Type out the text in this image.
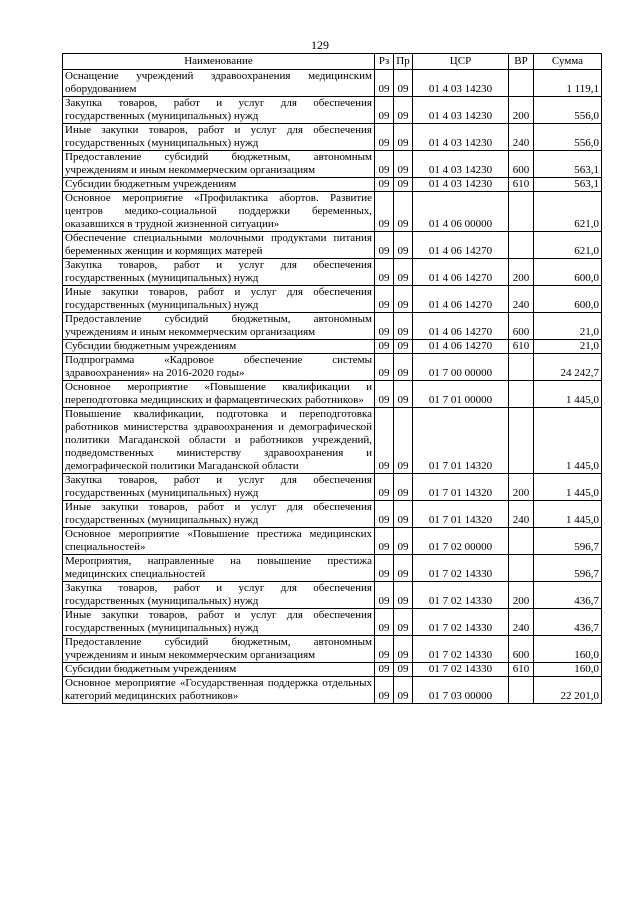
129
Наименование	Рз	Пр	ЦСР	ВР	Сумма
Оснащение учреждений здравоохранения медицинским оборудованием	09	09	01 4 03 14230		1 119,1
Закупка товаров, работ и услуг для обеспечения государственных (муниципальных) нужд	09	09	01 4 03 14230	200	556,0
Иные закупки товаров, работ и услуг для обеспечения государственных (муниципальных) нужд	09	09	01 4 03 14230	240	556,0
Предоставление субсидий бюджетным, автономным учреждениям и иным некоммерческим организациям	09	09	01 4 03 14230	600	563,1
Субсидии бюджетным учреждениям	09	09	01 4 03 14230	610	563,1
Основное мероприятие «Профилактика абортов. Развитие центров медико-социальной поддержки беременных, оказавшихся в трудной жизненной ситуации»	09	09	01 4 06 00000		621,0
Обеспечение специальными молочными продуктами питания беременных женщин и кормящих матерей	09	09	01 4 06 14270		621,0
Закупка товаров, работ и услуг для обеспечения государственных (муниципальных) нужд	09	09	01 4 06 14270	200	600,0
Иные закупки товаров, работ и услуг для обеспечения государственных (муниципальных) нужд	09	09	01 4 06 14270	240	600,0
Предоставление субсидий бюджетным, автономным учреждениям и иным некоммерческим организациям	09	09	01 4 06 14270	600	21,0
Субсидии бюджетным учреждениям	09	09	01 4 06 14270	610	21,0
Подпрограмма «Кадровое обеспечение системы здравоохранения» на 2016-2020 годы»	09	09	01 7 00 00000		24 242,7
Основное мероприятие «Повышение квалификации и переподготовка медицинских и фармацевтических работников»	09	09	01 7 01 00000		1 445,0
Повышение квалификации, подготовка и переподготовка работников министерства здравоохранения и демографической политики Магаданской области и работников учреждений, подведомственных министерству здравоохранения и демографической политики Магаданской области	09	09	01 7 01 14320		1 445,0
Закупка товаров, работ и услуг для обеспечения государственных (муниципальных) нужд	09	09	01 7 01 14320	200	1 445,0
Иные закупки товаров, работ и услуг для обеспечения государственных (муниципальных) нужд	09	09	01 7 01 14320	240	1 445,0
Основное мероприятие «Повышение престижа медицинских специальностей»	09	09	01 7 02 00000		596,7
Мероприятия, направленные на повышение престижа медицинских специальностей	09	09	01 7 02 14330		596,7
Закупка товаров, работ и услуг для обеспечения государственных (муниципальных) нужд	09	09	01 7 02 14330	200	436,7
Иные закупки товаров, работ и услуг для обеспечения государственных (муниципальных) нужд	09	09	01 7 02 14330	240	436,7
Предоставление субсидий бюджетным, автономным учреждениям и иным некоммерческим организациям	09	09	01 7 02 14330	600	160,0
Субсидии бюджетным учреждениям	09	09	01 7 02 14330	610	160,0
Основное мероприятие «Государственная поддержка отдельных категорий медицинских работников»	09	09	01 7 03 00000		22 201,0
